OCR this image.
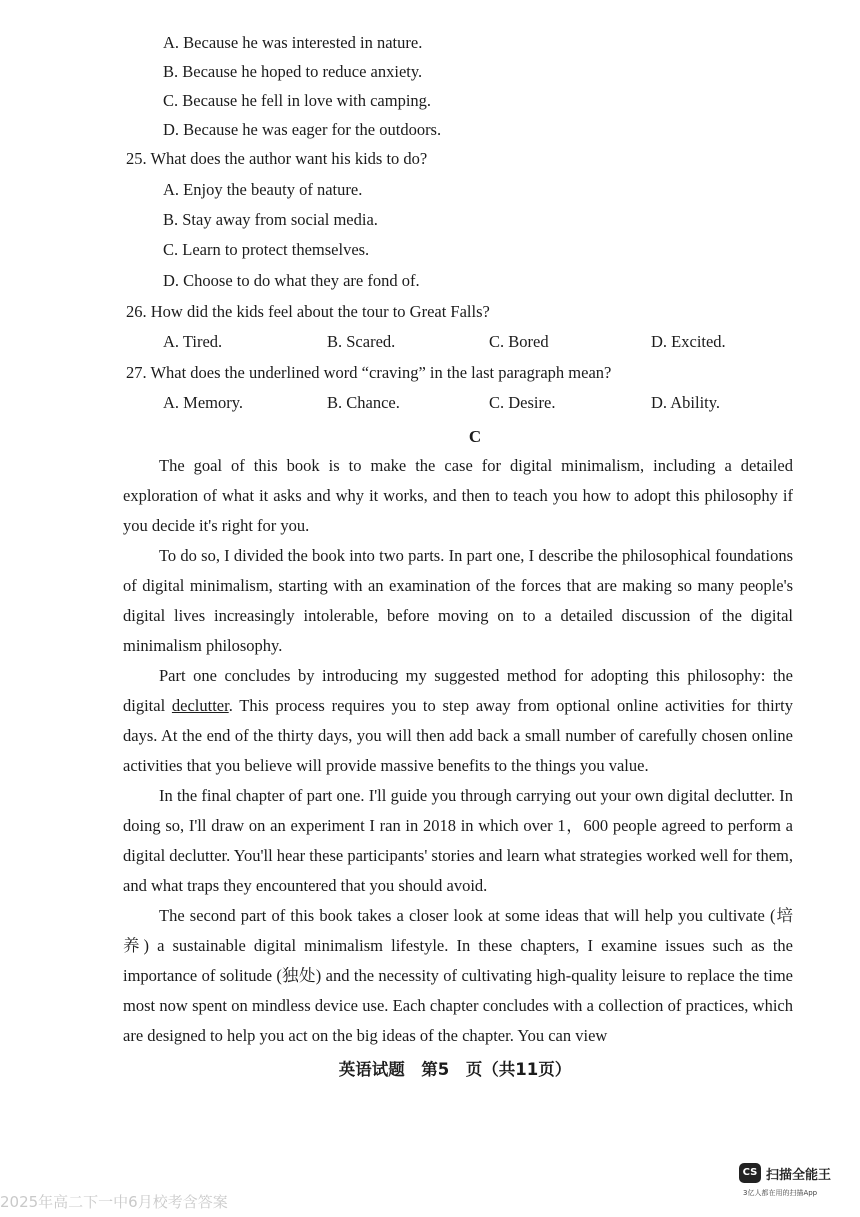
A. Because he was interested in nature.
B. Because he hoped to reduce anxiety.
C. Because he fell in love with camping.
D. Because he was eager for the outdoors.
25. What does the author want his kids to do?
A. Enjoy the beauty of nature.
B. Stay away from social media.
C. Learn to protect themselves.
D. Choose to do what they are fond of.
26. How did the kids feel about the tour to Great Falls?
A. Tired.	B. Scared.	C. Bored	D. Excited.
27. What does the underlined word “craving” in the last paragraph mean?
A. Memory.	B. Chance.	C. Desire.	D. Ability.
C
The goal of this book is to make the case for digital minimalism, including a detailed exploration of what it asks and why it works, and then to teach you how to adopt this philosophy if you decide it's right for you.
To do so, I divided the book into two parts. In part one, I describe the philosophical foundations of digital minimalism, starting with an examination of the forces that are making so many people's digital lives increasingly intolerable, before moving on to a detailed discussion of the digital minimalism philosophy.
Part one concludes by introducing my suggested method for adopting this philosophy: the digital declutter. This process requires you to step away from optional online activities for thirty days. At the end of the thirty days, you will then add back a small number of carefully chosen online activities that you believe will provide massive benefits to the things you value.
In the final chapter of part one. I'll guide you through carrying out your own digital declutter. In doing so, I'll draw on an experiment I ran in 2018 in which over 1，600 people agreed to perform a digital declutter. You'll hear these participants' stories and learn what strategies worked well for them, and what traps they encountered that you should avoid.
The second part of this book takes a closer look at some ideas that will help you cultivate (培养) a sustainable digital minimalism lifestyle. In these chapters, I examine issues such as the importance of solitude (独处) and the necessity of cultivating high-quality leisure to replace the time most now spent on mindless device use. Each chapter concludes with a collection of practices, which are designed to help you act on the big ideas of the chapter. You can view
英语试题　第5　页（共11页）
2025年高二下一中6月校考含答案
CS 扫描全能王
3亿人都在用的扫描App
